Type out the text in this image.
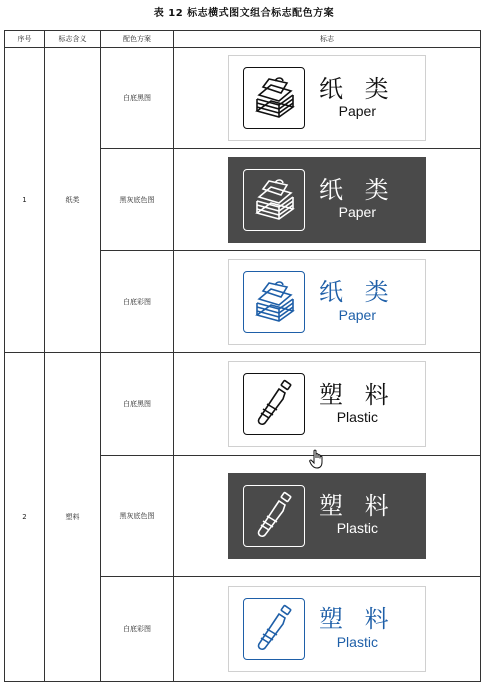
表 12 标志横式图文组合标志配色方案
序号	标志含义	配色方案	标志
1	纸类	白底黑图	纸 类
Paper

		黑灰底色图	纸 类
Paper

		白底彩图	纸 类
Paper

2	塑料	白底黑图	塑 料
Plastic

		黑灰底色图	塑 料
Plastic

		白底彩图	塑 料
Plastic
